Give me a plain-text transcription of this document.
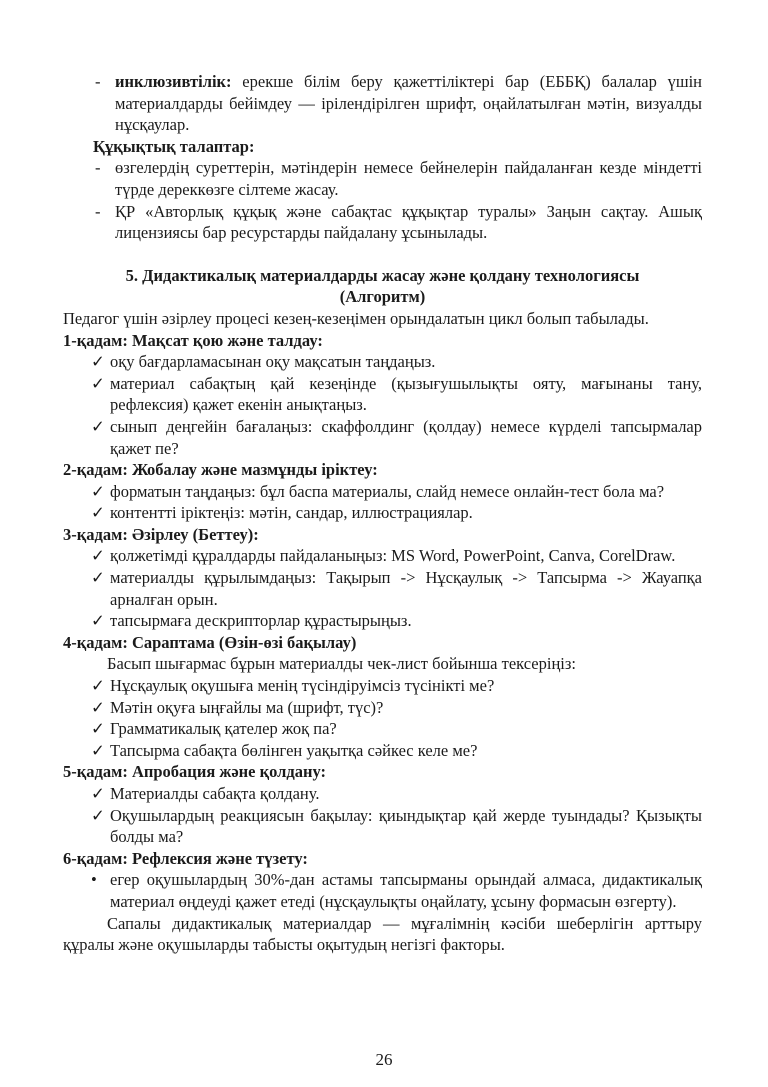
- инклюзивтілік: ерекше білім беру қажеттіліктері бар (ЕББҚ) балалар үшін материалдарды бейімдеу — ірілендірілген шрифт, оңайлатылған мәтін, визуалды нұсқаулар.
Құқықтық талаптар:
- өзгелердің суреттерін, мәтіндерін немесе бейнелерін пайдаланған кезде міндетті түрде дереккөзге сілтеме жасау.
- ҚР «Авторлық құқық және сабақтас құқықтар туралы» Заңын сақтау. Ашық лицензиясы бар ресурстарды пайдалану ұсынылады.
5. Дидактикалық материалдарды жасау және қолдану технологиясы
(Алгоритм)

Педагог үшін әзірлеу процесі кезең-кезеңімен орындалатын цикл болып табылады.

1-қадам: Мақсат қою және талдау:
✓ оқу бағдарламасынан оқу мақсатын таңдаңыз.
✓ материал сабақтың қай кезеңінде (қызығушылықты ояту, мағынаны тану, рефлексия) қажет екенін анықтаңыз.
✓ сынып деңгейін бағалаңыз: скаффолдинг (қолдау) немесе күрделі тапсырмалар қажет пе?
2-қадам: Жобалау және мазмұнды іріктеу:
✓ форматын таңдаңыз: бұл баспа материалы, слайд немесе онлайн-тест бола ма?
✓ контентті іріктеңіз: мәтін, сандар, иллюстрациялар.
3-қадам: Әзірлеу (Беттеу):
✓ қолжетімді құралдарды пайдаланыңыз: MS Word, PowerPoint, Canva, CorelDraw.
✓ материалды құрылымдаңыз: Тақырып -> Нұсқаулық -> Тапсырма -> Жауапқа арналған орын.
✓ тапсырмаға дескрипторлар құрастырыңыз.
4-қадам: Сараптама (Өзін-өзі бақылау)
Басып шығармас бұрын материалды чек-лист бойынша тексеріңіз:
✓ Нұсқаулық оқушыға менің түсіндіруімсіз түсінікті ме?
✓ Мәтін оқуға ыңғайлы ма (шрифт, түс)?
✓ Грамматикалық қателер жоқ па?
✓ Тапсырма сабақта бөлінген уақытқа сәйкес келе ме?
5-қадам: Апробация және қолдану:
✓ Материалды сабақта қолдану.
✓ Оқушылардың реакциясын бақылау: қиындықтар қай жерде туындады? Қызықты болды ма?
6-қадам: Рефлексия және түзету:
• егер оқушылардың 30%-дан астамы тапсырманы орындай алмаса, дидактикалық материал өңдеуді қажет етеді (нұсқаулықты оңайлату, ұсыну формасын өзгерту).

Сапалы дидактикалық материалдар — мұғалімнің кәсіби шеберлігін арттыру құралы және оқушыларды табысты оқытудың негізгі факторы.

26
